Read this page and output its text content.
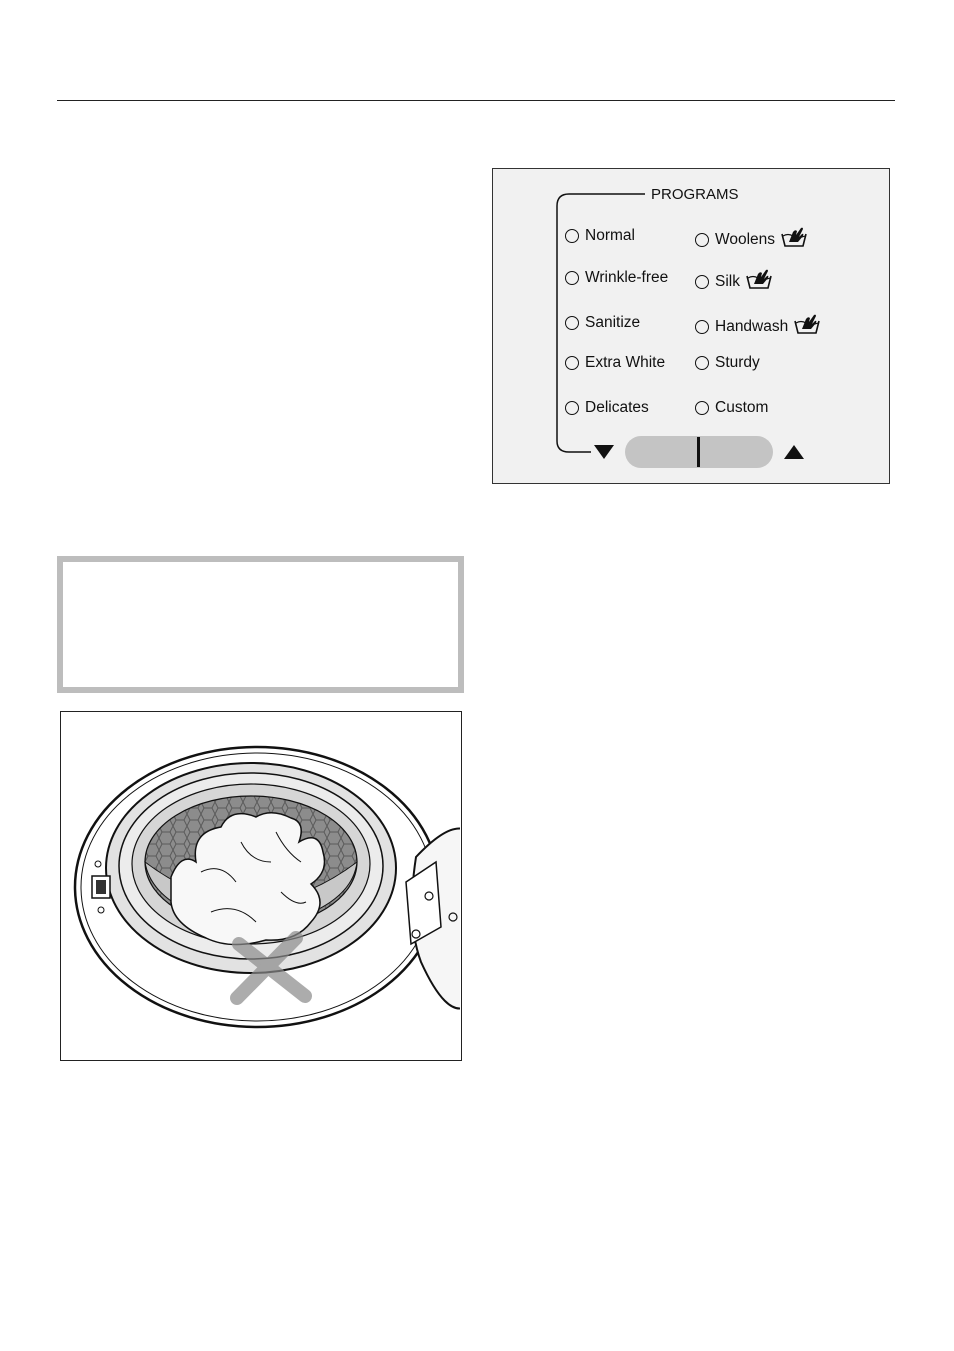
PROGRAMS
Normal
Wrinkle-free
Sanitize
Extra White
Delicates
Woolens
Silk
Handwash
Sturdy
Custom
